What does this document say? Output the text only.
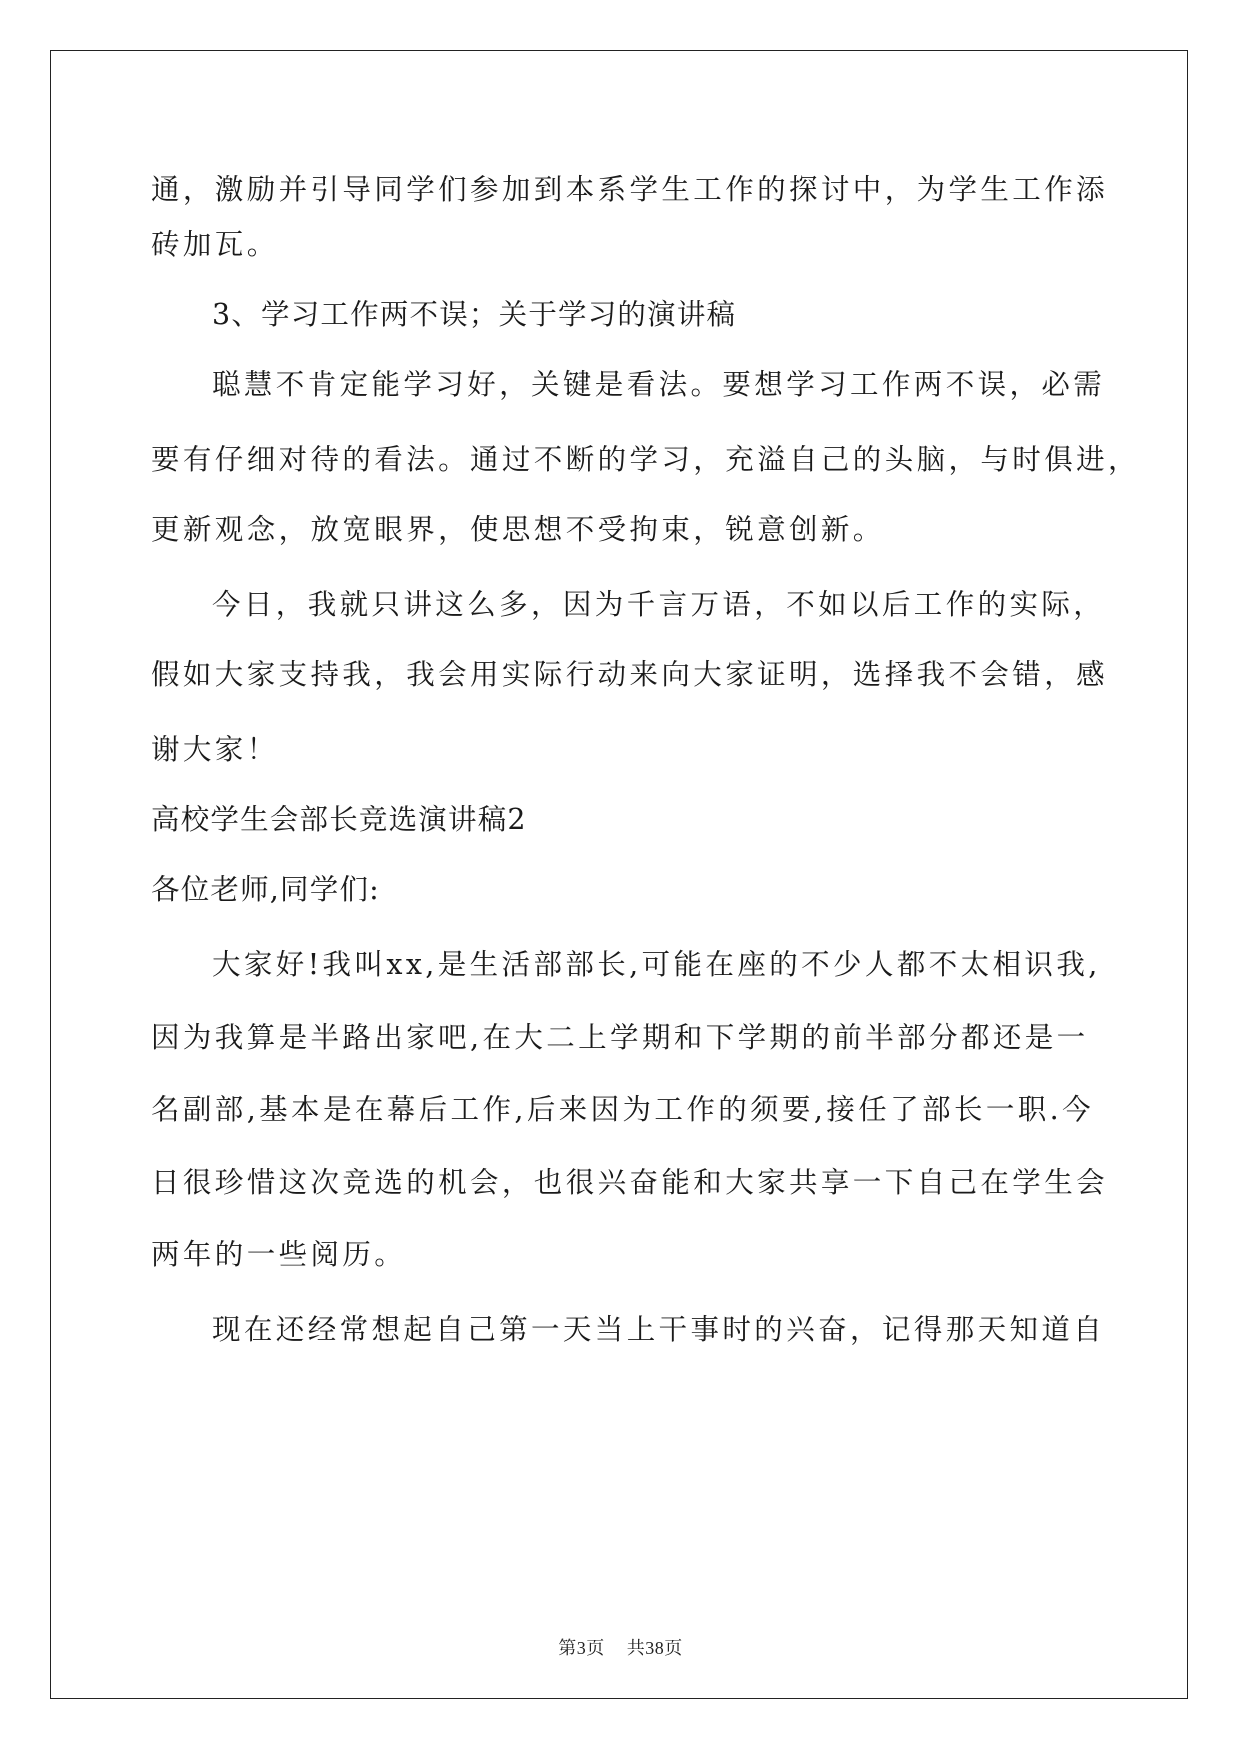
通，激励并引导同学们参加到本系学生工作的探讨中，为学生工作添
砖加瓦。
3、学习工作两不误；关于学习的演讲稿
聪慧不肯定能学习好，关键是看法。要想学习工作两不误，必需
要有仔细对待的看法。通过不断的学习，充溢自己的头脑，与时俱进，
更新观念，放宽眼界，使思想不受拘束，锐意创新。
今日，我就只讲这么多，因为千言万语，不如以后工作的实际，
假如大家支持我，我会用实际行动来向大家证明，选择我不会错，感
谢大家！
高校学生会部长竞选演讲稿2
各位老师,同学们:
大家好!我叫xx,是生活部部长,可能在座的不少人都不太相识我,
因为我算是半路出家吧,在大二上学期和下学期的前半部分都还是一
名副部,基本是在幕后工作,后来因为工作的须要,接任了部长一职.今
日很珍惜这次竞选的机会，也很兴奋能和大家共享一下自己在学生会
两年的一些阅历。
现在还经常想起自己第一天当上干事时的兴奋，记得那天知道自
第3页 共38页
